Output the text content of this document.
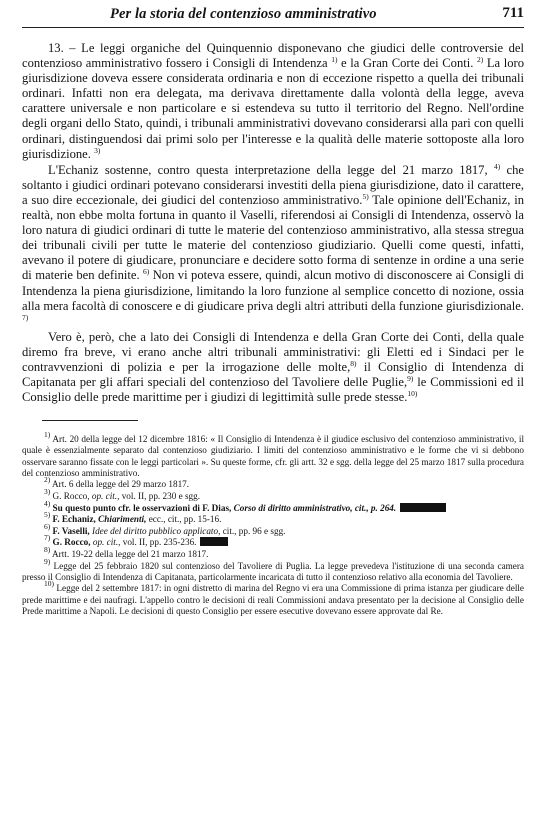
Per la storia del contenzioso amministrativo	711

13. – Le leggi organiche del Quinquennio disponevano che giudici delle controversie del contenzioso amministrativo fossero i Consigli di Intendenza $^{1)}$ e la Gran Corte dei Conti. $^{2)}$ La loro giurisdizione doveva essere considerata ordinaria e non di eccezione rispetto a quella dei tribunali ordinari. Infatti non era delegata, ma derivava direttamente dalla volontà della legge, aveva carattere universale e non particolare e si estendeva su tutto il territorio del Regno. Nell'ordine degli organi dello Stato, quindi, i tribunali amministrativi dovevano considerarsi alla pari con quelli ordinari, distinguendosi dai primi solo per l'interesse e la qualità delle materie sottoposte alla loro giurisdizione. $^{3)}$

L'Echaniz sostenne, contro questa interpretazione della legge del 21 marzo 1817, $^{4)}$ che soltanto i giudici ordinari potevano considerarsi investiti della piena giurisdizione, dato il carattere, a suo dire eccezionale, dei giudici del contenzioso amministrativo.$^{5)}$ Tale opinione dell'Echaniz, in realtà, non ebbe molta fortuna in quanto il Vaselli, riferendosi ai Consigli di Intendenza, osservò la loro natura di giudici ordinari di tutte le materie del contenzioso amministrativo, alla stessa stregua dei tribunali civili per tutte le materie del contenzioso giudiziario. Quelli come questi, infatti, avevano il potere di giudicare, pronunciare e decidere sotto forma di sentenze in ordine a una serie di materie ben definite. $^{6)}$ Non vi poteva essere, quindi, alcun motivo di disconoscere ai Consigli di Intendenza la piena giurisdizione, limitando la loro funzione al semplice concetto di nozione, ossia alla mera facoltà di conoscere e di giudicare priva degli altri attributi della funzione giurisdizionale. $^{7)}$

Vero è, però, che a lato dei Consigli di Intendenza e della Gran Corte dei Conti, della quale diremo fra breve, vi erano anche altri tribunali amministrativi: gli Eletti ed i Sindaci per le contravvenzioni di polizia e per la irrogazione delle molte,$^{8)}$ il Consiglio di Intendenza di Capitanata per gli affari speciali del contenzioso del Tavoliere delle Puglie,$^{9)}$ le Commissioni ed il Consiglio delle prede marittime per i giudizi di legittimità sulle prede stesse.$^{10)}$

$^{1)}$ Art. 20 della legge del 12 dicembre 1816: « Il Consiglio di Intendenza è il giudice esclusivo del contenzioso amministrativo, il quale è essenzialmente separato dal contenzioso giudiziario. I limiti del contenzioso amministrativo e le forme che vi si debbono osservare saranno fissate con le leggi particolari ». Su queste forme, cfr. gli artt. 32 e sgg. della legge del 25 marzo 1817 sulla procedura del contenzioso amministrativo.

$^{2)}$ Art. 6 della legge del 29 marzo 1817.

$^{3)}$ G. Rocco, op. cit., vol. II, pp. 230 e sgg.

$^{4)}$ Su questo punto cfr. le osservazioni di F. Dias, Corso di diritto amministrativo, cit., p. 264.

$^{5)}$ F. Echaniz, Chiarimenti, ecc., cit., pp. 15-16.

$^{6)}$ F. Vaselli, Idee del diritto pubblico applicato, cit., pp. 96 e sgg.

$^{7)}$ G. Rocco, op. cit., vol. II, pp. 235-236.

$^{8)}$ Artt. 19-22 della legge del 21 marzo 1817.

$^{9)}$ Legge del 25 febbraio 1820 sul contenzioso del Tavoliere di Puglia. La legge prevedeva l'istituzione di una seconda camera presso il Consiglio di Intendenza di Capitanata, particolarmente incaricata di tutto il contenzioso relativo alla economia del Tavoliere.

$^{10)}$ Legge del 2 settembre 1817: in ogni distretto di marina del Regno vi era una Commissione di prima istanza per giudicare delle prede marittime e dei naufragi. L'appello contro le decisioni di reali Commissioni andava presentato per la decisione al Consiglio delle Prede marittime a Napoli. Le decisioni di questo Consiglio per essere esecutive dovevano essere approvate dal Re.
